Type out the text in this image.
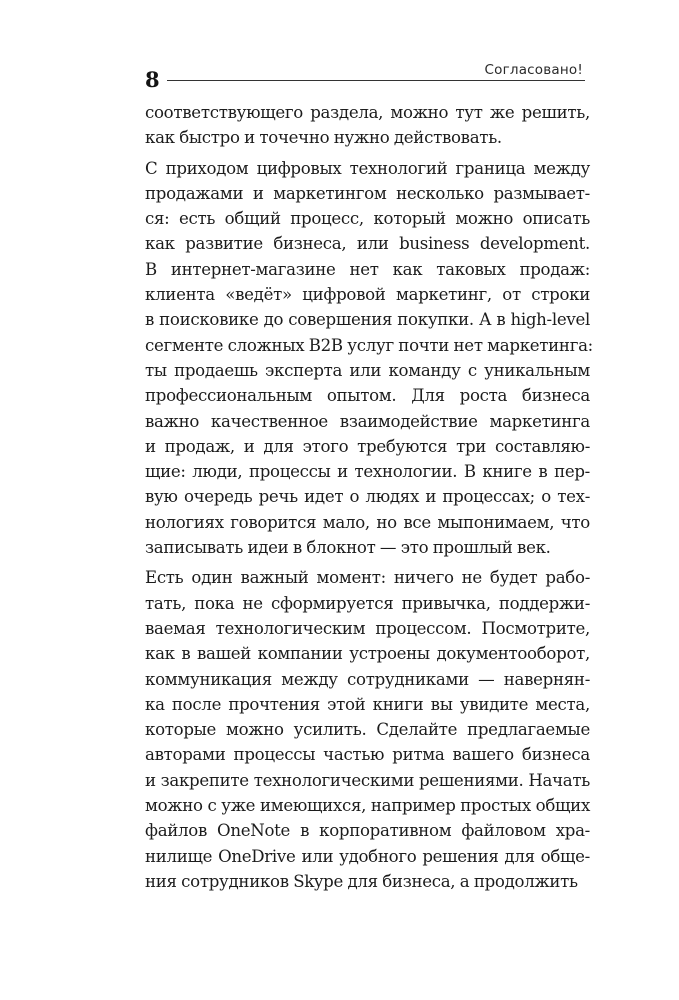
8	Согласовано!
соответствующего раздела, можно тут же решить,
как быстро и точечно нужно действовать.
С приходом цифровых технологий граница между
продажами и маркетингом несколько размывает-
ся: есть общий процесс, который можно описать
как развитие бизнеса, или business development.
В интернет-магазине нет как таковых продаж:
клиента «ведёт» цифровой маркетинг, от строки
в поисковике до совершения покупки. А в high-level
сегменте сложных B2B услуг почти нет маркетинга:
ты продаешь эксперта или команду с уникальным
профессиональным опытом. Для роста бизнеса
важно качественное взаимодействие маркетинга
и продаж, и для этого требуются три составляю-
щие: люди, процессы и технологии. В книге в пер-
вую очередь речь идет о людях и процессах; о тех-
нологиях говорится мало, но все мыпонимаем, что
записывать идеи в блокнот — это прошлый век.
Есть один важный момент: ничего не будет рабо-
тать, пока не сформируется привычка, поддержи-
ваемая технологическим процессом. Посмотрите,
как в вашей компании устроены документооборот,
коммуникация между сотрудниками — навернян-
ка после прочтения этой книги вы увидите места,
которые можно усилить. Сделайте предлагаемые
авторами процессы частью ритма вашего бизнеса
и закрепите технологическими решениями. Начать
можно с уже имеющихся, например простых общих
файлов OneNote в корпоративном файловом хра-
нилище OneDrive или удобного решения для обще-
ния сотрудников Skype для бизнеса, а продолжить
